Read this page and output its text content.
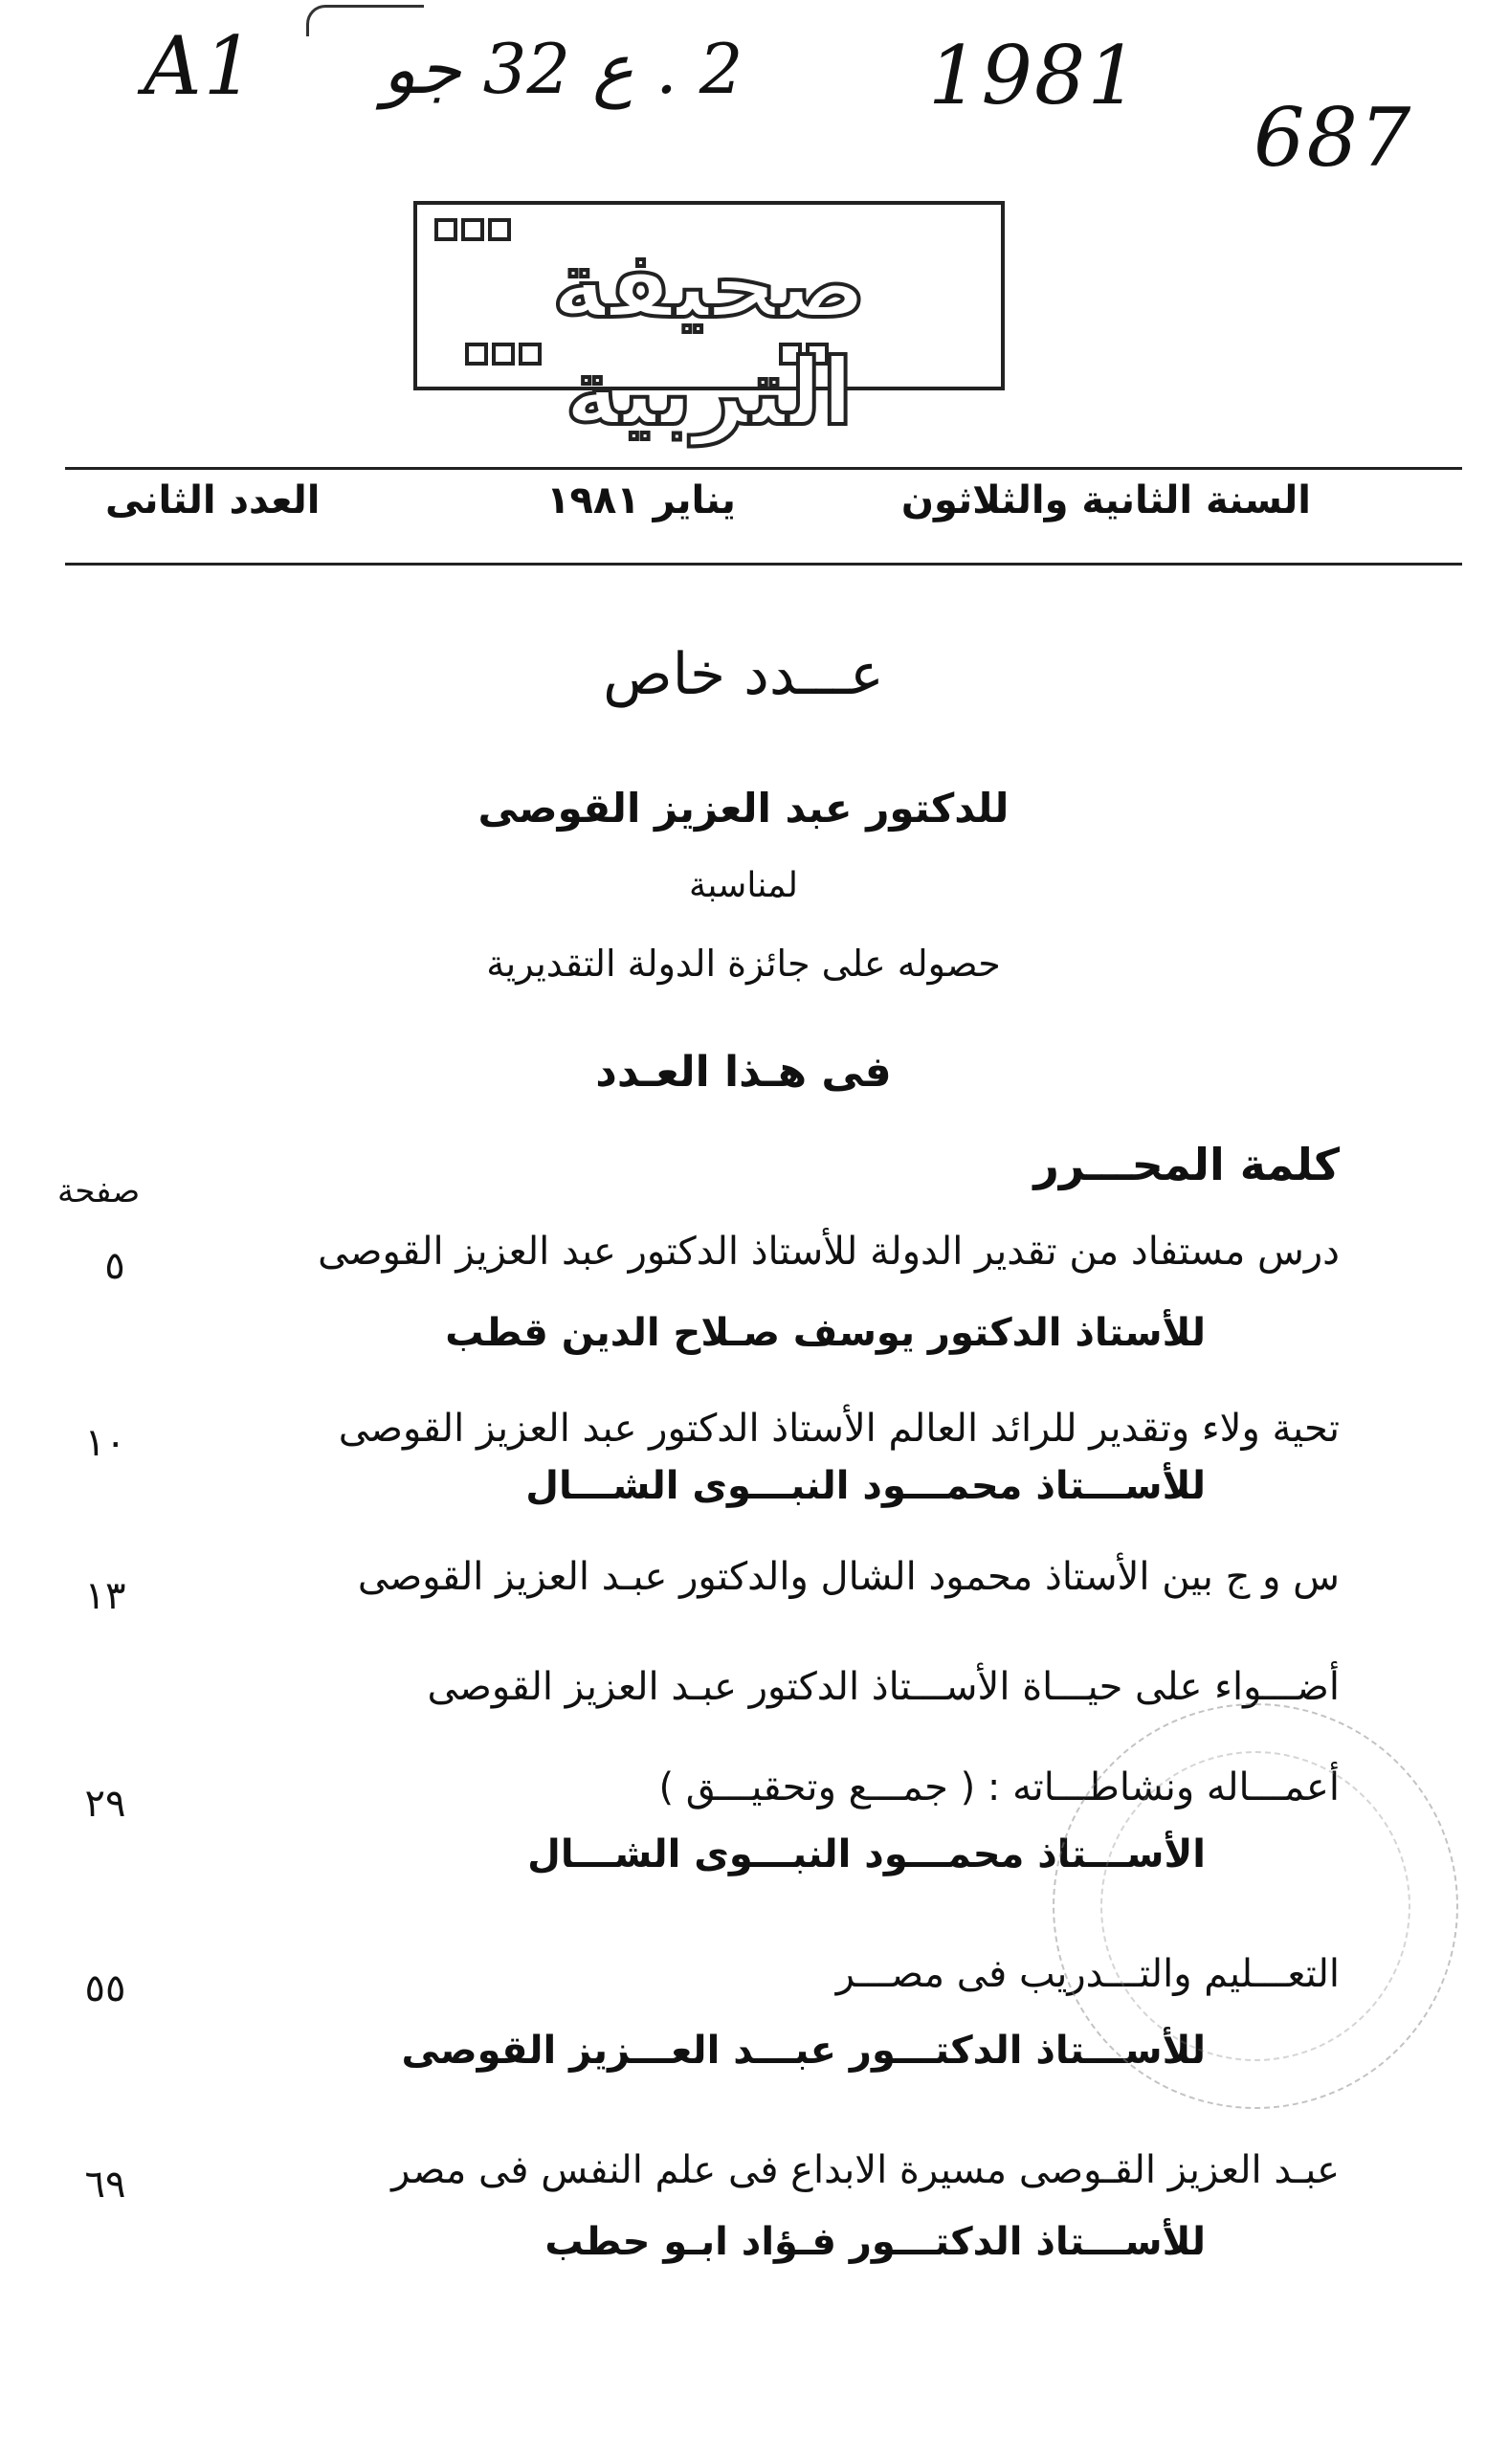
A1 2 . ع 32 جو 1981
687
صحيفة التربية
السنة الثانية والثلاثون
يناير ١٩٨١
العدد الثانى
عـــدد خاص
للدكتور عبد العزيز القوصى
لمناسبة
حصوله على جائزة الدولة التقديرية
فى هـذا العـدد
كلمة المحـــرر
صفحة
درس مستفاد من تقدير الدولة للأستاذ الدكتور عبد العزيز القوصى
٥
للأستاذ الدكتور يوسف صـلاح الدين قطب
تحية ولاء وتقدير للرائد العالم الأستاذ الدكتور عبد العزيز القوصى
١٠
للأســـتاذ محمـــود النبـــوى الشـــال
س و ج بين الأستاذ محمود الشال والدكتور عبـد العزيز القوصى
١٣
أضـــواء على حيـــاة الأســـتاذ الدكتور عبـد العزيز القوصى
أعمـــاله ونشاطـــاته : ( جمـــع وتحقيـــق )
٢٩
الأســـتاذ محمـــود النبـــوى الشـــال
التعـــليم والتـــدريب فى مصـــر
٥٥
للأســـتاذ الدكتـــور عبـــد العـــزيز القوصى
عبـد العزيز القـوصى مسيرة الابداع فى علم النفس فى مصر
٦٩
للأســـتاذ الدكتـــور فـؤاد ابـو حطب
